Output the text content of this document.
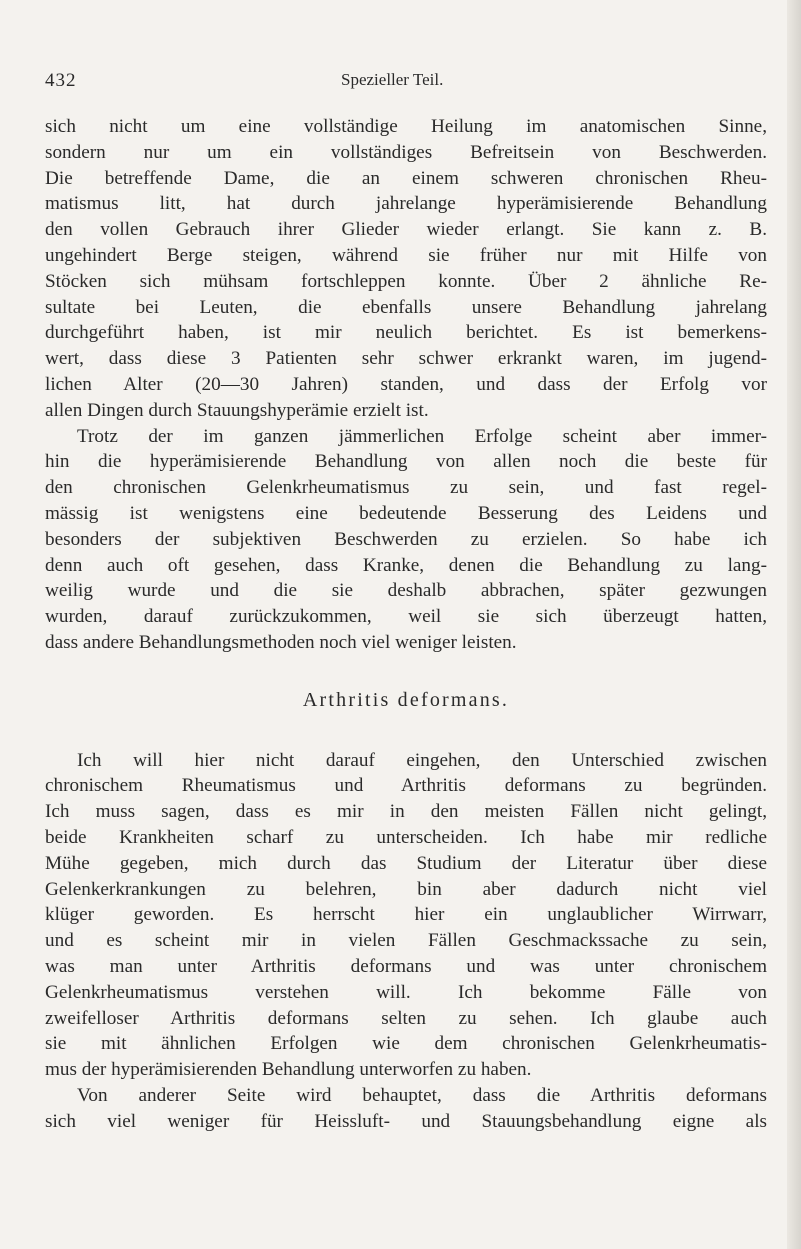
432	Spezieller Teil.
sich nicht um eine vollständige Heilung im anatomischen Sinne,
sondern nur um ein vollständiges Befreitsein von Beschwerden.
Die betreffende Dame, die an einem schweren chronischen Rheu-
matismus litt, hat durch jahrelange hyperämisierende Behandlung
den vollen Gebrauch ihrer Glieder wieder erlangt. Sie kann z. B.
ungehindert Berge steigen, während sie früher nur mit Hilfe von
Stöcken sich mühsam fortschleppen konnte. Über 2 ähnliche Re-
sultate bei Leuten, die ebenfalls unsere Behandlung jahrelang
durchgeführt haben, ist mir neulich berichtet. Es ist bemerkens-
wert, dass diese 3 Patienten sehr schwer erkrankt waren, im jugend-
lichen Alter (20—30 Jahren) standen, und dass der Erfolg vor
allen Dingen durch Stauungshyperämie erzielt ist.
Trotz der im ganzen jämmerlichen Erfolge scheint aber immer-
hin die hyperämisierende Behandlung von allen noch die beste für
den chronischen Gelenkrheumatismus zu sein, und fast regel-
mässig ist wenigstens eine bedeutende Besserung des Leidens und
besonders der subjektiven Beschwerden zu erzielen. So habe ich
denn auch oft gesehen, dass Kranke, denen die Behandlung zu lang-
weilig wurde und die sie deshalb abbrachen, später gezwungen
wurden, darauf zurückzukommen, weil sie sich überzeugt hatten,
dass andere Behandlungsmethoden noch viel weniger leisten.
Arthritis deformans.
Ich will hier nicht darauf eingehen, den Unterschied zwischen
chronischem Rheumatismus und Arthritis deformans zu begründen.
Ich muss sagen, dass es mir in den meisten Fällen nicht gelingt,
beide Krankheiten scharf zu unterscheiden. Ich habe mir redliche
Mühe gegeben, mich durch das Studium der Literatur über diese
Gelenkerkrankungen zu belehren, bin aber dadurch nicht viel
klüger geworden. Es herrscht hier ein unglaublicher Wirrwarr,
und es scheint mir in vielen Fällen Geschmackssache zu sein,
was man unter Arthritis deformans und was unter chronischem
Gelenkrheumatismus verstehen will. Ich bekomme Fälle von
zweifelloser Arthritis deformans selten zu sehen. Ich glaube auch
sie mit ähnlichen Erfolgen wie dem chronischen Gelenkrheumatis-
mus der hyperämisierenden Behandlung unterworfen zu haben.
Von anderer Seite wird behauptet, dass die Arthritis deformans
sich viel weniger für Heissluft- und Stauungsbehandlung eigne als
